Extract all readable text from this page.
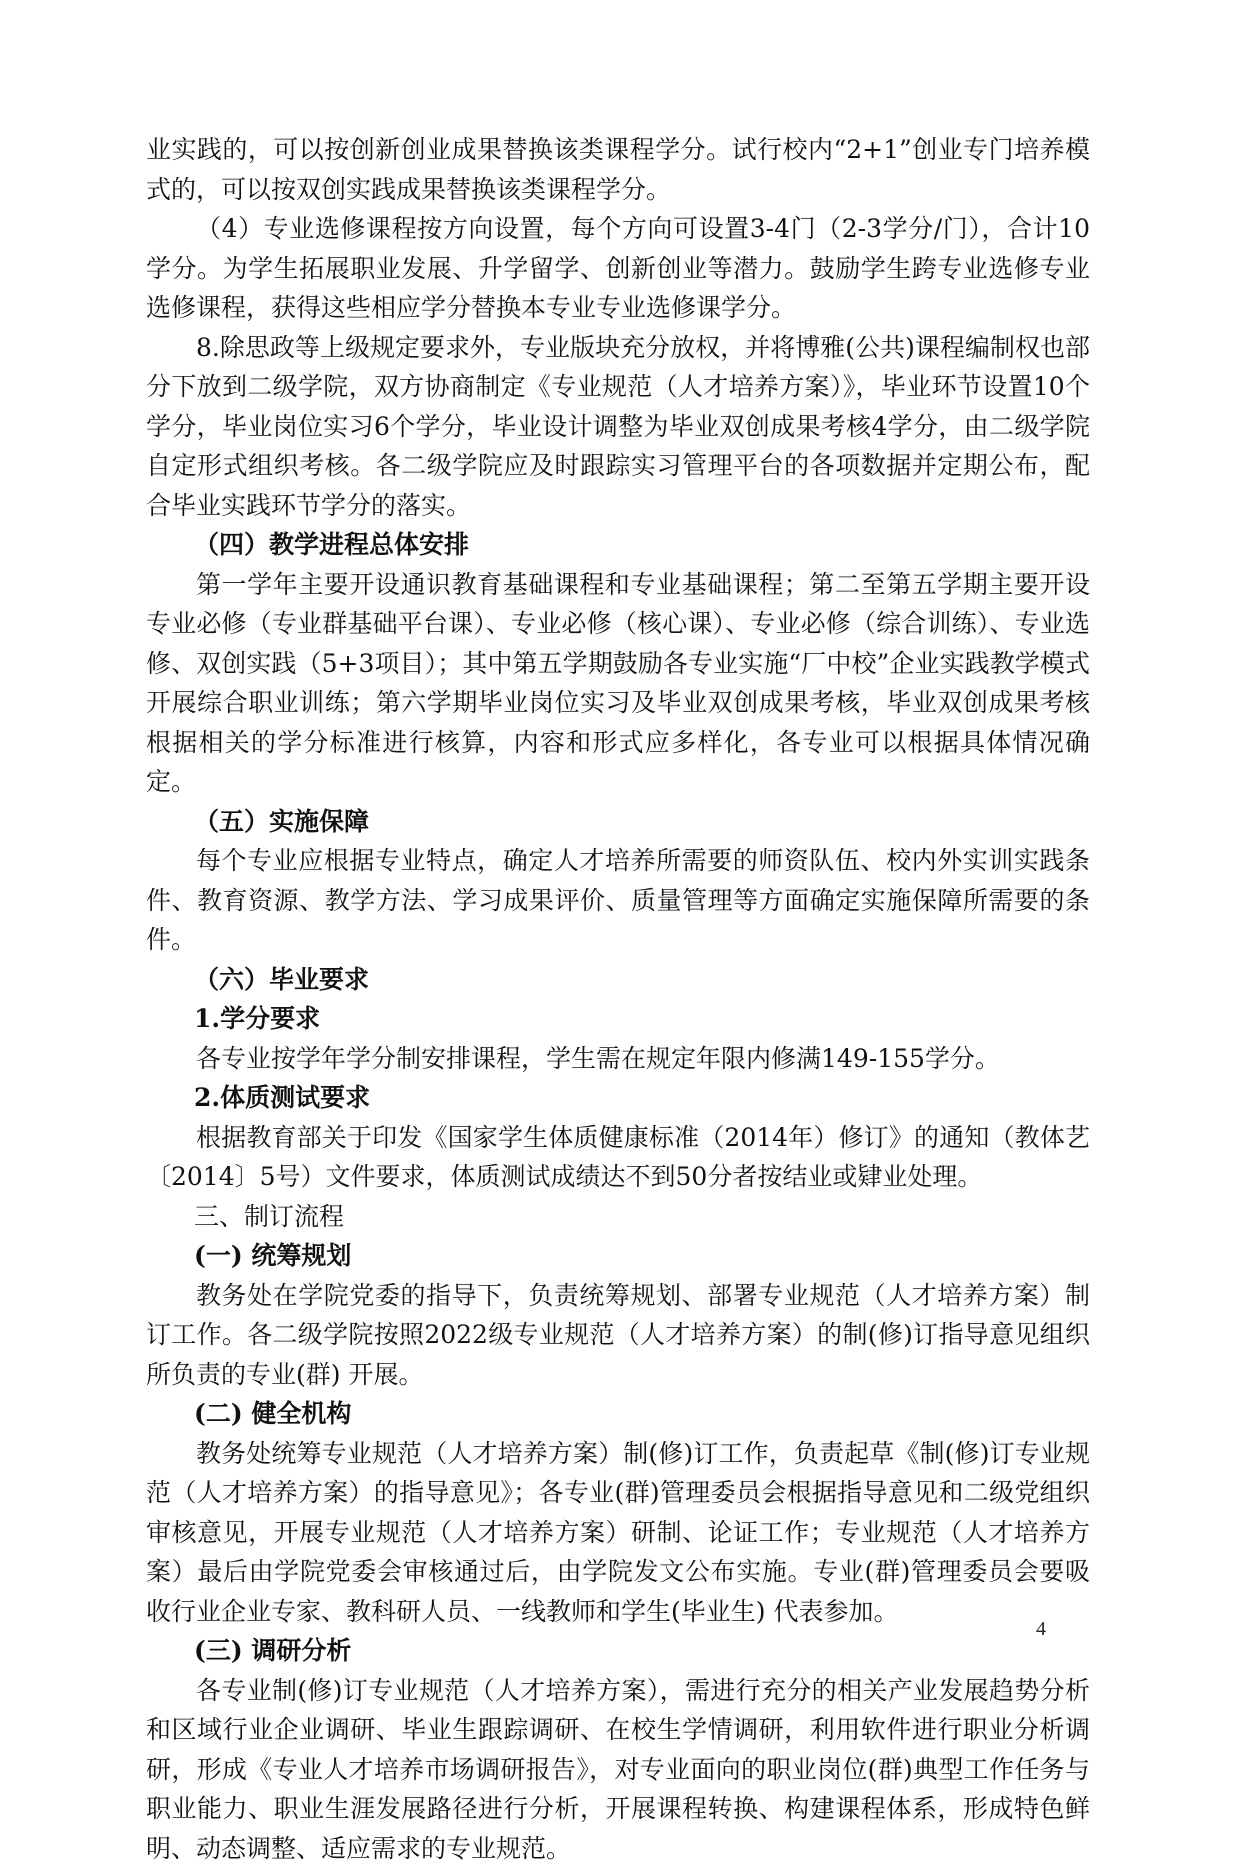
业实践的，可以按创新创业成果替换该类课程学分。试行校内“2+1”创业专门培养模式的，可以按双创实践成果替换该类课程学分。

（4）专业选修课程按方向设置，每个方向可设置3-4门（2-3学分/门），合计10学分。为学生拓展职业发展、升学留学、创新创业等潜力。鼓励学生跨专业选修专业选修课程，获得这些相应学分替换本专业专业选修课学分。

8.除思政等上级规定要求外，专业版块充分放权，并将博雅(公共)课程编制权也部分下放到二级学院，双方协商制定《专业规范（人才培养方案）》，毕业环节设置10个学分，毕业岗位实习6个学分，毕业设计调整为毕业双创成果考核4学分，由二级学院自定形式组织考核。各二级学院应及时跟踪实习管理平台的各项数据并定期公布，配合毕业实践环节学分的落实。

（四）教学进程总体安排

第一学年主要开设通识教育基础课程和专业基础课程；第二至第五学期主要开设专业必修（专业群基础平台课）、专业必修（核心课）、专业必修（综合训练）、专业选修、双创实践（5+3项目）；其中第五学期鼓励各专业实施“厂中校”企业实践教学模式开展综合职业训练；第六学期毕业岗位实习及毕业双创成果考核，毕业双创成果考核根据相关的学分标准进行核算，内容和形式应多样化，各专业可以根据具体情况确定。

（五）实施保障

每个专业应根据专业特点，确定人才培养所需要的师资队伍、校内外实训实践条件、教育资源、教学方法、学习成果评价、质量管理等方面确定实施保障所需要的条件。

（六）毕业要求

1.学分要求

各专业按学年学分制安排课程，学生需在规定年限内修满149-155学分。

2.体质测试要求

根据教育部关于印发《国家学生体质健康标准（2014年）修订》的通知（教体艺〔2014〕5号）文件要求，体质测试成绩达不到50分者按结业或肄业处理。

三、制订流程

(一) 统筹规划

教务处在学院党委的指导下，负责统筹规划、部署专业规范（人才培养方案）制订工作。各二级学院按照2022级专业规范（人才培养方案）的制(修)订指导意见组织所负责的专业(群) 开展。

(二) 健全机构

教务处统筹专业规范（人才培养方案）制(修)订工作，负责起草《制(修)订专业规范（人才培养方案）的指导意见》；各专业(群)管理委员会根据指导意见和二级党组织审核意见，开展专业规范（人才培养方案）研制、论证工作；专业规范（人才培养方案）最后由学院党委会审核通过后，由学院发文公布实施。专业(群)管理委员会要吸收行业企业专家、教科研人员、一线教师和学生(毕业生) 代表参加。

(三) 调研分析

各专业制(修)订专业规范（人才培养方案），需进行充分的相关产业发展趋势分析和区域行业企业调研、毕业生跟踪调研、在校生学情调研，利用软件进行职业分析调研，形成《专业人才培养市场调研报告》，对专业面向的职业岗位(群)典型工作任务与职业能力、职业生涯发展路径进行分析，开展课程转换、构建课程体系，形成特色鲜明、动态调整、适应需求的专业规范。

4
